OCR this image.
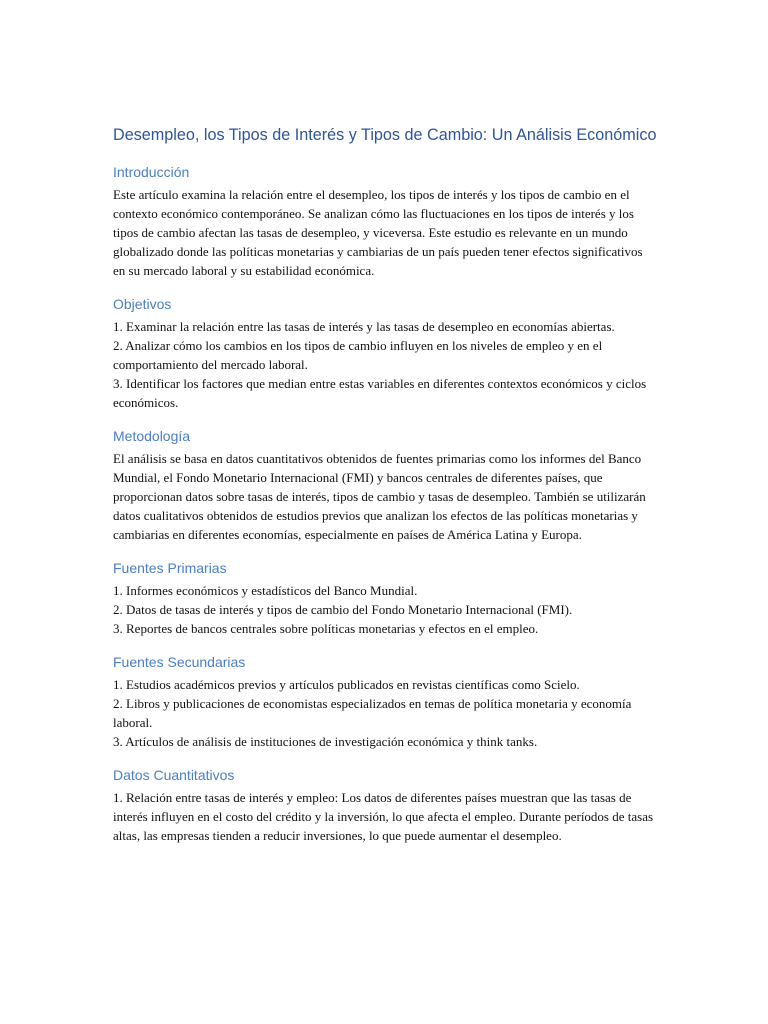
Desempleo, los Tipos de Interés y Tipos de Cambio: Un Análisis Económico
Introducción

Este artículo examina la relación entre el desempleo, los tipos de interés y los tipos de cambio en el contexto económico contemporáneo. Se analizan cómo las fluctuaciones en los tipos de interés y los tipos de cambio afectan las tasas de desempleo, y viceversa. Este estudio es relevante en un mundo globalizado donde las políticas monetarias y cambiarias de un país pueden tener efectos significativos en su mercado laboral y su estabilidad económica.

Objetivos
1. Examinar la relación entre las tasas de interés y las tasas de desempleo en economías abiertas.
2. Analizar cómo los cambios en los tipos de cambio influyen en los niveles de empleo y en el comportamiento del mercado laboral.
3. Identificar los factores que median entre estas variables en diferentes contextos económicos y ciclos económicos.
Metodología

El análisis se basa en datos cuantitativos obtenidos de fuentes primarias como los informes del Banco Mundial, el Fondo Monetario Internacional (FMI) y bancos centrales de diferentes países, que proporcionan datos sobre tasas de interés, tipos de cambio y tasas de desempleo. También se utilizarán datos cualitativos obtenidos de estudios previos que analizan los efectos de las políticas monetarias y cambiarias en diferentes economías, especialmente en países de América Latina y Europa.

Fuentes Primarias
1. Informes económicos y estadísticos del Banco Mundial.
2. Datos de tasas de interés y tipos de cambio del Fondo Monetario Internacional (FMI).
3. Reportes de bancos centrales sobre políticas monetarias y efectos en el empleo.
Fuentes Secundarias
1. Estudios académicos previos y artículos publicados en revistas científicas como Scielo.
2. Libros y publicaciones de economistas especializados en temas de política monetaria y economía laboral.
3. Artículos de análisis de instituciones de investigación económica y think tanks.
Datos Cuantitativos

1. Relación entre tasas de interés y empleo: Los datos de diferentes países muestran que las tasas de interés influyen en el costo del crédito y la inversión, lo que afecta el empleo. Durante períodos de tasas altas, las empresas tienden a reducir inversiones, lo que puede aumentar el desempleo.
